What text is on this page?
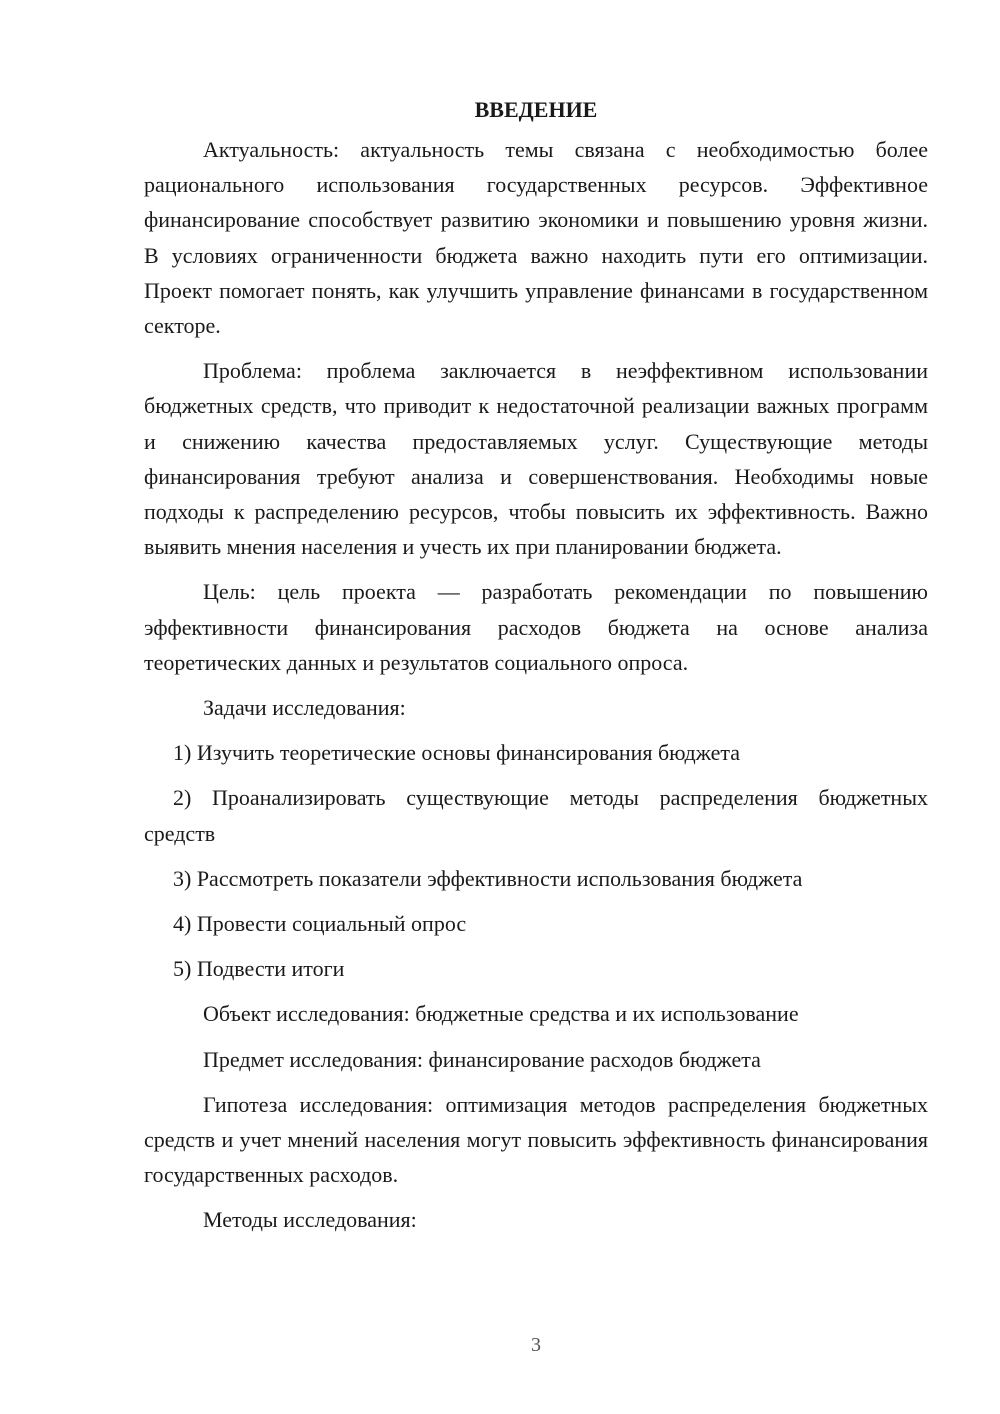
ВВЕДЕНИЕ

Актуальность: актуальность темы связана с необходимостью более рационального использования государственных ресурсов. Эффективное финансирование способствует развитию экономики и повышению уровня жизни. В условиях ограниченности бюджета важно находить пути его оптимизации. Проект помогает понять, как улучшить управление финансами в государственном секторе.

Проблема: проблема заключается в неэффективном использовании бюджетных средств, что приводит к недостаточной реализации важных программ и снижению качества предоставляемых услуг. Существующие методы финансирования требуют анализа и совершенствования. Необходимы новые подходы к распределению ресурсов, чтобы повысить их эффективность. Важно выявить мнения населения и учесть их при планировании бюджета.

Цель: цель проекта — разработать рекомендации по повышению эффективности финансирования расходов бюджета на основе анализа теоретических данных и результатов социального опроса.

Задачи исследования:

1) Изучить теоретические основы финансирования бюджета

2) Проанализировать существующие методы распределения бюджетных средств

3) Рассмотреть показатели эффективности использования бюджета

4) Провести социальный опрос

5) Подвести итоги

Объект исследования: бюджетные средства и их использование

Предмет исследования: финансирование расходов бюджета

Гипотеза исследования: оптимизация методов распределения бюджетных средств и учет мнений населения могут повысить эффективность финансирования государственных расходов.

Методы исследования:

3
